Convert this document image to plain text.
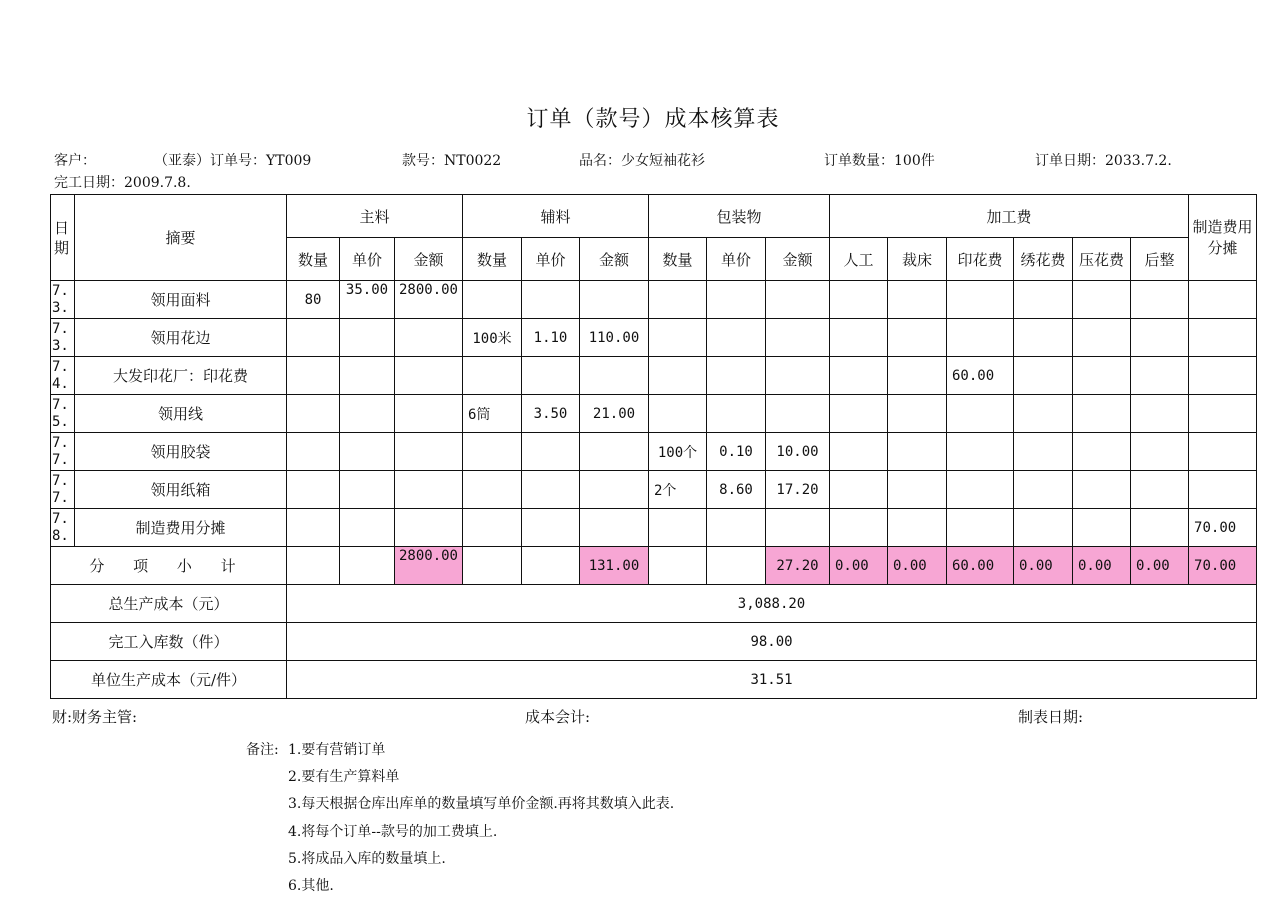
订单（款号）成本核算表
客户：	（亚泰）订单号：YT009	款号：NT0022	品名：少女短袖花衫	订单数量：100件	订单日期：2033.7.2.
完工日期：2009.7.8.
日期	摘要	主料			辅料			包装物			加工费						制造费用分摊
		数量	单价	金额	数量	单价	金额	数量	单价	金额	人工	裁床	印花费	绣花费	压花费	后整	

7.
3.	领用面料	80	35.00	2800.00													

7.
3.	领用花边				100米	1.10	110.00										

7.
4.	大发印花厂：印花费												60.00				

7.
5.	领用线				6筒	3.50	21.00										

7.
7.	领用胶袋							100个	0.10	10.00							

7.
7.	领用纸箱							2个	8.60	17.20							

7.
8.	制造费用分摊																70.00
分 项 小 计				2800.00			131.00			27.20	0.00	0.00	60.00	0.00	0.00	0.00	70.00
总生产成本（元）		3,088.20															
完工入库数（件）		98.00															
单位生产成本（元/件）		31.51															
财:财务主管:	成本会计:	制表日期:
备注: 1.要有营销订单
2.要有生产算料单
3.每天根据仓库出库单的数量填写单价金额.再将其数填入此表.
4.将每个订单--款号的加工费填上.
5.将成品入库的数量填上.
6.其他.
